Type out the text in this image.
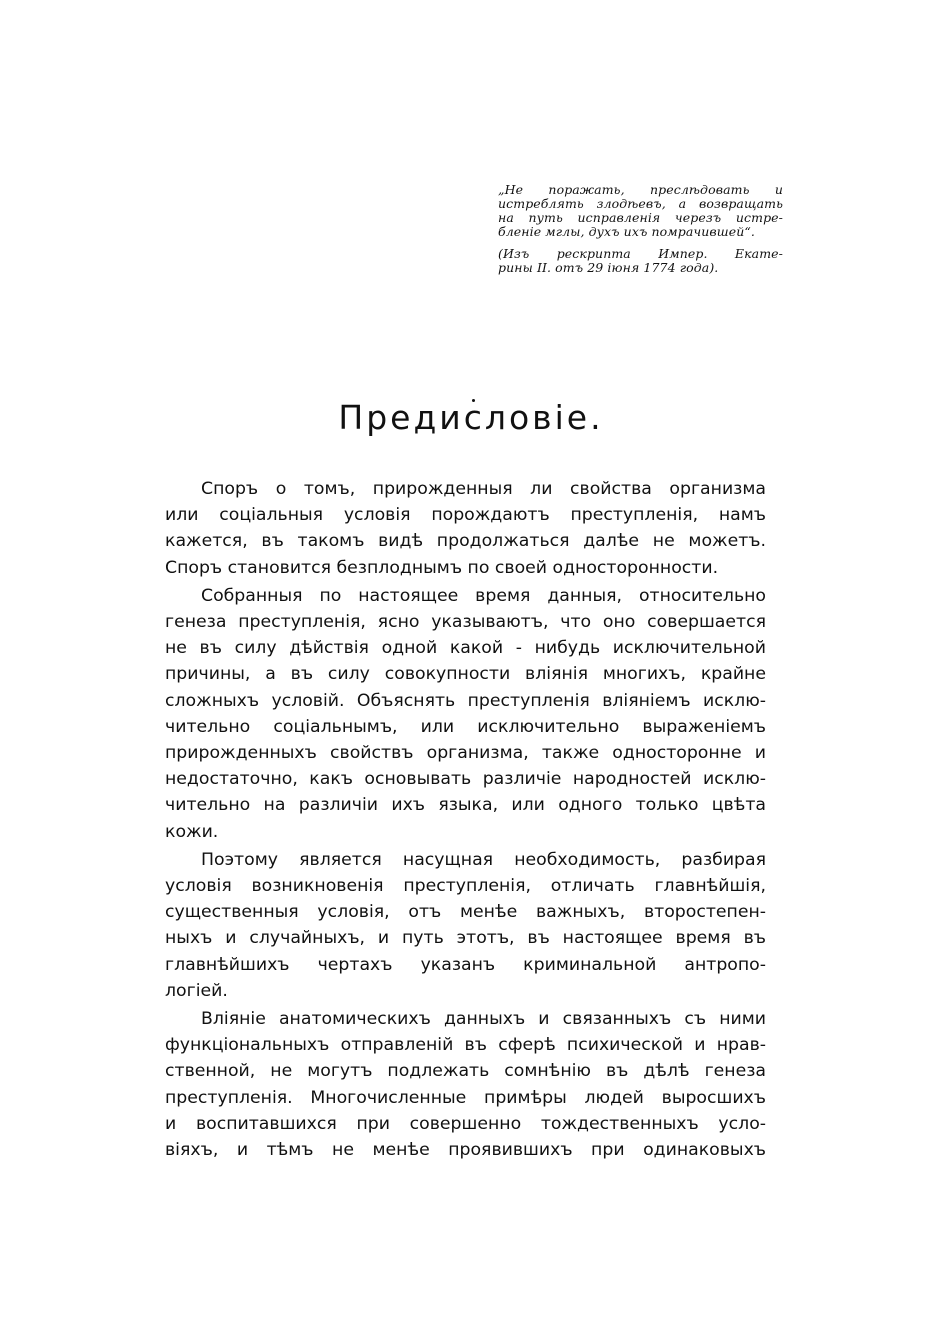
„Не поражать, преслѣдовать и
истреблять злодѣевъ, а возвращать
на путь исправленія черезъ истре-
бленіе мглы, духъ ихъ помрачившей“.
(Изъ рескрипта Импер. Екате-
рины II. отъ 29 іюня 1774 года).
Предисловіе.

Споръ о томъ, прирожденныя ли свойства организма
или соціальныя условія порождаютъ преступленія, намъ
кажется, въ такомъ видѣ продолжаться далѣе не можетъ.
Споръ становится безплоднымъ по своей односторонности.

Собранныя по настоящее время данныя, относительно
генеза преступленія, ясно указываютъ, что оно совершается
не въ силу дѣйствія одной какой - нибудь исключительной
причины, а въ силу совокупности вліянія многихъ, крайне
сложныхъ условій. Объяснять преступленія вліяніемъ исклю-
чительно соціальнымъ, или исключительно выраженіемъ
прирожденныхъ свойствъ организма, также односторонне и
недостаточно, какъ основывать различіе народностей исклю-
чительно на различіи ихъ языка, или одного только цвѣта
кожи.

Поэтому является насущная необходимость, разбирая
условія возникновенія преступленія, отличать главнѣйшія,
существенныя условія, отъ менѣе важныхъ, второстепен-
ныхъ и случайныхъ, и путь этотъ, въ настоящее время въ
главнѣйшихъ чертахъ указанъ криминальной антропо-
логіей.

Вліяніе анатомическихъ данныхъ и связанныхъ съ ними
функціональныхъ отправленій въ сферѣ психической и нрав-
ственной, не могутъ подлежать сомнѣнію въ дѣлѣ генеза
преступленія. Многочисленные примѣры людей выросшихъ
и воспитавшихся при совершенно тождественныхъ усло-
віяхъ, и тѣмъ не менѣе проявившихъ при одинаковыхъ
